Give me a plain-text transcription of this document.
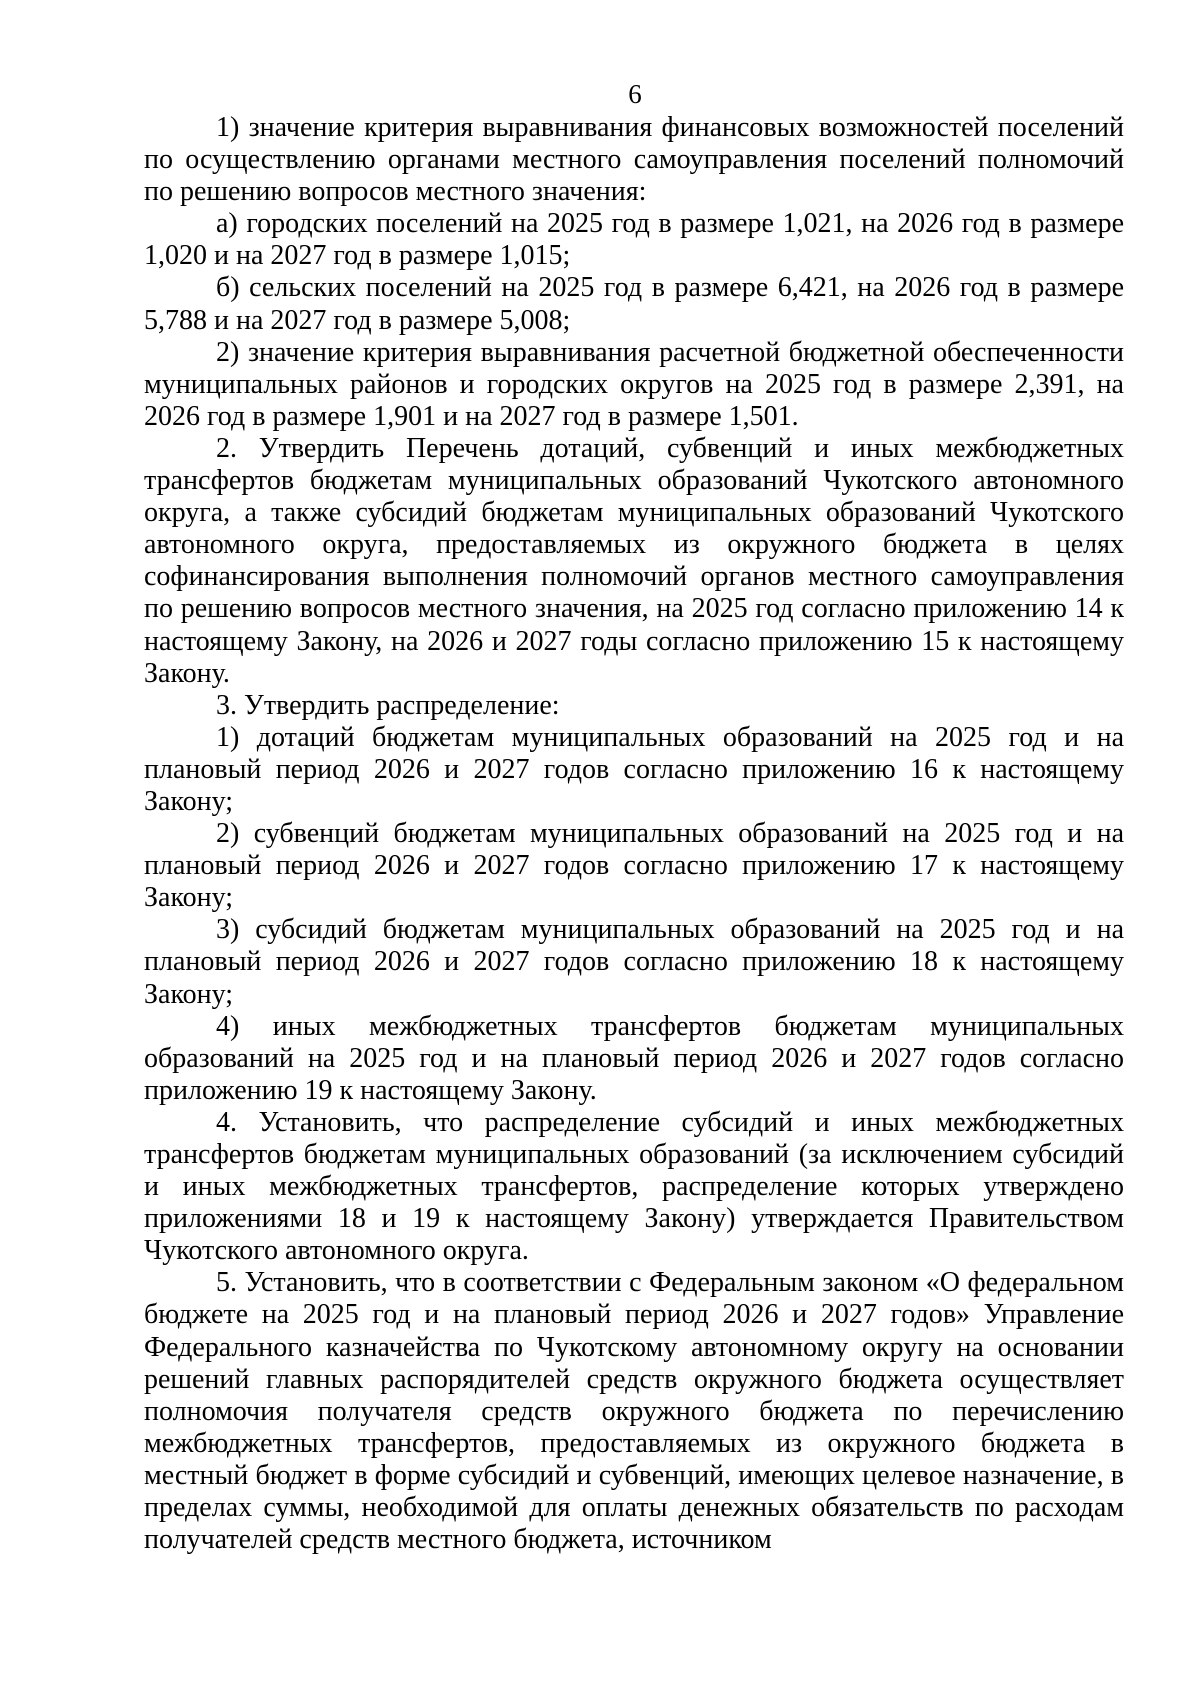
6

1) значение критерия выравнивания финансовых возможностей поселений по осуществлению органами местного самоуправления поселений полномочий по решению вопросов местного значения:

а) городских поселений на 2025 год в размере 1,021, на 2026 год в размере 1,020 и на 2027 год в размере 1,015;

б) сельских поселений на 2025 год в размере 6,421, на 2026 год в размере 5,788 и на 2027 год в размере 5,008;

2) значение критерия выравнивания расчетной бюджетной обеспеченности муниципальных районов и городских округов на 2025 год в размере 2,391, на 2026 год в размере 1,901 и на 2027 год в размере 1,501.

2. Утвердить Перечень дотаций, субвенций и иных межбюджетных трансфертов бюджетам муниципальных образований Чукотского автономного округа, а также субсидий бюджетам муниципальных образований Чукотского автономного округа, предоставляемых из окружного бюджета в целях софинансирования выполнения полномочий органов местного самоуправления по решению вопросов местного значения, на 2025 год согласно приложению 14 к настоящему Закону, на 2026 и 2027 годы согласно приложению 15 к настоящему Закону.

3. Утвердить распределение:

1) дотаций бюджетам муниципальных образований на 2025 год и на плановый период 2026 и 2027 годов согласно приложению 16 к настоящему Закону;

2) субвенций бюджетам муниципальных образований на 2025 год и на плановый период 2026 и 2027 годов согласно приложению 17 к настоящему Закону;

3) субсидий бюджетам муниципальных образований на 2025 год и на плановый период 2026 и 2027 годов согласно приложению 18 к настоящему Закону;

4) иных межбюджетных трансфертов бюджетам муниципальных образований на 2025 год и на плановый период 2026 и 2027 годов согласно приложению 19 к настоящему Закону.

4. Установить, что распределение субсидий и иных межбюджетных трансфертов бюджетам муниципальных образований (за исключением субсидий и иных межбюджетных трансфертов, распределение которых утверждено приложениями 18 и 19 к настоящему Закону) утверждается Правительством Чукотского автономного округа.

5. Установить, что в соответствии с Федеральным законом «О федеральном бюджете на 2025 год и на плановый период 2026 и 2027 годов» Управление Федерального казначейства по Чукотскому автономному округу на основании решений главных распорядителей средств окружного бюджета осуществляет полномочия получателя средств окружного бюджета по перечислению межбюджетных трансфертов, предоставляемых из окружного бюджета в местный бюджет в форме субсидий и субвенций, имеющих целевое назначение, в пределах суммы, необходимой для оплаты денежных обязательств по расходам получателей средств местного бюджета, источником
